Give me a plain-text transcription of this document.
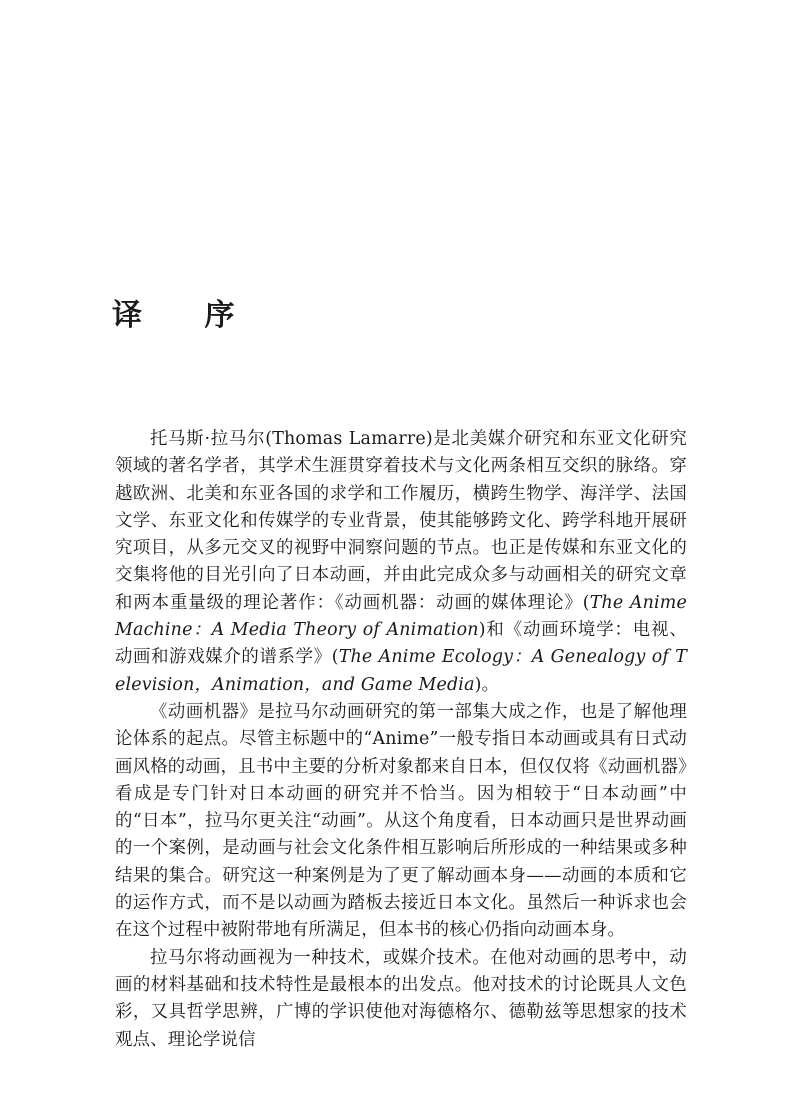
译 序

托马斯·拉马尔(Thomas Lamarre)是北美媒介研究和东亚文化研究领域的著名学者，其学术生涯贯穿着技术与文化两条相互交织的脉络。穿越欧洲、北美和东亚各国的求学和工作履历，横跨生物学、海洋学、法国文学、东亚文化和传媒学的专业背景，使其能够跨文化、跨学科地开展研究项目，从多元交叉的视野中洞察问题的节点。也正是传媒和东亚文化的交集将他的目光引向了日本动画，并由此完成众多与动画相关的研究文章和两本重量级的理论著作：《动画机器：动画的媒体理论》(The Anime Machine：A Media Theory of Animation)和《动画环境学：电视、动画和游戏媒介的谱系学》(The Anime Ecology：A Genealogy of Television，Animation，and Game Media)。

《动画机器》是拉马尔动画研究的第一部集大成之作，也是了解他理论体系的起点。尽管主标题中的“Anime”一般专指日本动画或具有日式动画风格的动画，且书中主要的分析对象都来自日本，但仅仅将《动画机器》看成是专门针对日本动画的研究并不恰当。因为相较于“日本动画”中的“日本”，拉马尔更关注“动画”。从这个角度看，日本动画只是世界动画的一个案例，是动画与社会文化条件相互影响后所形成的一种结果或多种结果的集合。研究这一种案例是为了更了解动画本身——动画的本质和它的运作方式，而不是以动画为踏板去接近日本文化。虽然后一种诉求也会在这个过程中被附带地有所满足，但本书的核心仍指向动画本身。

拉马尔将动画视为一种技术，或媒介技术。在他对动画的思考中，动画的材料基础和技术特性是最根本的出发点。他对技术的讨论既具人文色彩，又具哲学思辨，广博的学识使他对海德格尔、德勒兹等思想家的技术观点、理论学说信
